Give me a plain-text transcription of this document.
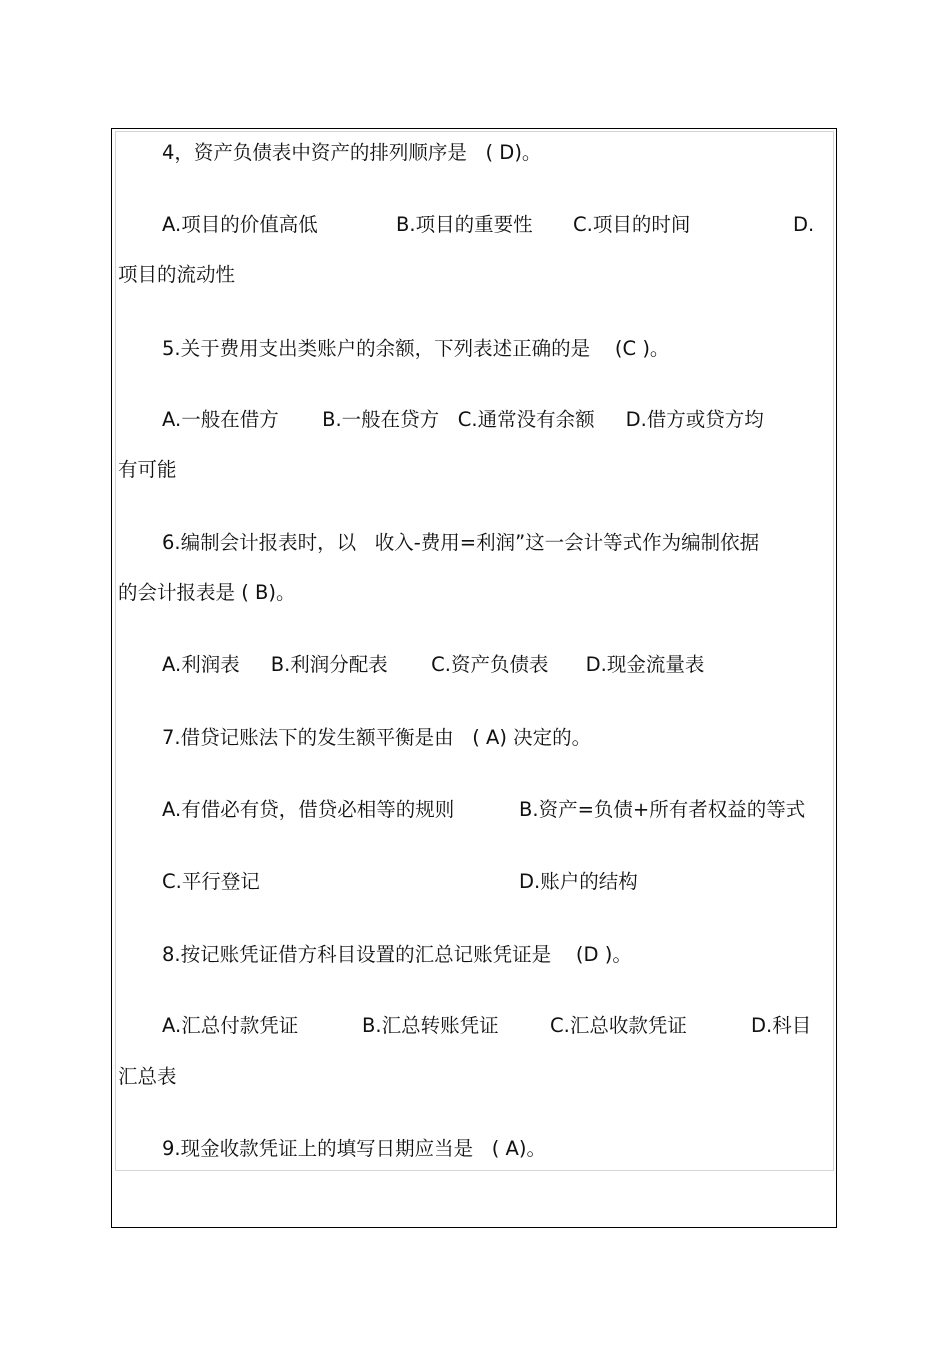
4，资产负债表中资产的排列顺序是   ( D)。

A.项目的价值高低	B.项目的重要性 C.项目的时间	D.

项目的流动性

5.关于费用支出类账户的余额，下列表述正确的是    (C )。

A.一般在借方       B.一般在贷方   C.通常没有余额     D.借方或贷方均

有可能

6.编制会计报表时，以   收入-费用=利润”这一会计等式作为编制依据

的会计报表是 ( B)。

A.利润表     B.利润分配表       C.资产负债表      D.现金流量表

7.借贷记账法下的发生额平衡是由   ( A) 决定的。

A.有借必有贷，借贷必相等的规则	B.资产=负债+所有者权益的等式

C.平行登记	D.账户的结构

8.按记账凭证借方科目设置的汇总记账凭证是    (D )。

A.汇总付款凭证	B.汇总转账凭证	C.汇总收款凭证	D.科目

汇总表

9.现金收款凭证上的填写日期应当是   ( A)。
